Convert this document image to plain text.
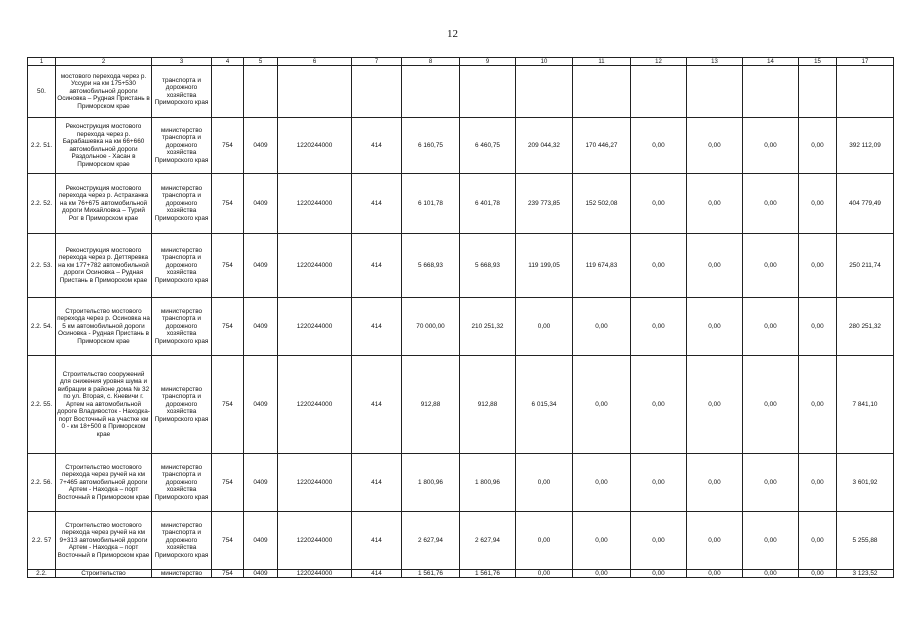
12
1	2	3	4	5	6	7	8	9	10	11	12	13	14	15	17
50.	мостового перехода через р. Уссури на км 175+530 автомобильной дороги Осиновка – Рудная Пристань в Приморском крае	транспорта и дорожного хозяйства Приморского края													
2.2. 51.	Реконструкция мостового перехода через р. Барабашевка на км 66+660 автомобильной дороги Раздольное - Хасан в Приморском крае	министерство транспорта и дорожного хозяйства Приморского края	754	0409	1220244000	414	6 160,75	6 460,75	209 044,32	170 446,27	0,00	0,00	0,00	0,00	392 112,09
2.2. 52.	Реконструкция мостового перехода через р. Астраханка на км 76+675 автомобильной дороги Михайловка – Турий Рог в Приморском крае	министерство транспорта и дорожного хозяйства Приморского края	754	0409	1220244000	414	6 101,78	6 401,78	239 773,85	152 502,08	0,00	0,00	0,00	0,00	404 779,49
2.2. 53.	Реконструкция мостового перехода через р. Деттяревка на км 177+782 автомобильной дороги Осиновка – Рудная Пристань в Приморском крае	министерство транспорта и дорожного хозяйства Приморского края	754	0409	1220244000	414	5 668,93	5 668,93	119 199,05	119 674,83	0,00	0,00	0,00	0,00	250 211,74
2.2. 54.	Строительство мостового перехода через р. Осиновка на 5 км автомобильной дороги Осиновка - Рудная Пристань в Приморском крае	министерство транспорта и дорожного хозяйства Приморского края	754	0409	1220244000	414	70 000,00	210 251,32	0,00	0,00	0,00	0,00	0,00	0,00	280 251,32
2.2. 55.	Строительство сооружений для снижения уровня шума и вибрации в районе дома № 32 по ул. Вторая, с. Кневичи г. Артем на автомобильной дороге Владивосток - Находка-порт Восточный на участке км 0 - км 18+500 в Приморском крае	министерство транспорта и дорожного хозяйства Приморского края	754	0409	1220244000	414	912,88	912,88	6 015,34	0,00	0,00	0,00	0,00	0,00	7 841,10
2.2. 56.	Строительство мостового перехода через ручей на км 7+465 автомобильной дороги Артем - Находка – порт Восточный в Приморском крае	министерство транспорта и дорожного хозяйства Приморского края	754	0409	1220244000	414	1 800,96	1 800,96	0,00	0,00	0,00	0,00	0,00	0,00	3 601,92
2.2. 57	Строительство мостового перехода через ручей на км 9+313 автомобильной дороги Артем - Находка – порт Восточный в Приморском крае	министерство транспорта и дорожного хозяйства Приморского края	754	0409	1220244000	414	2 627,94	2 627,94	0,00	0,00	0,00	0,00	0,00	0,00	5 255,88
2.2.	Строительство	министерство	754	0409	1220244000	414	1 561,76	1 561,76	0,00	0,00	0,00	0,00	0,00	0,00	3 123,52
